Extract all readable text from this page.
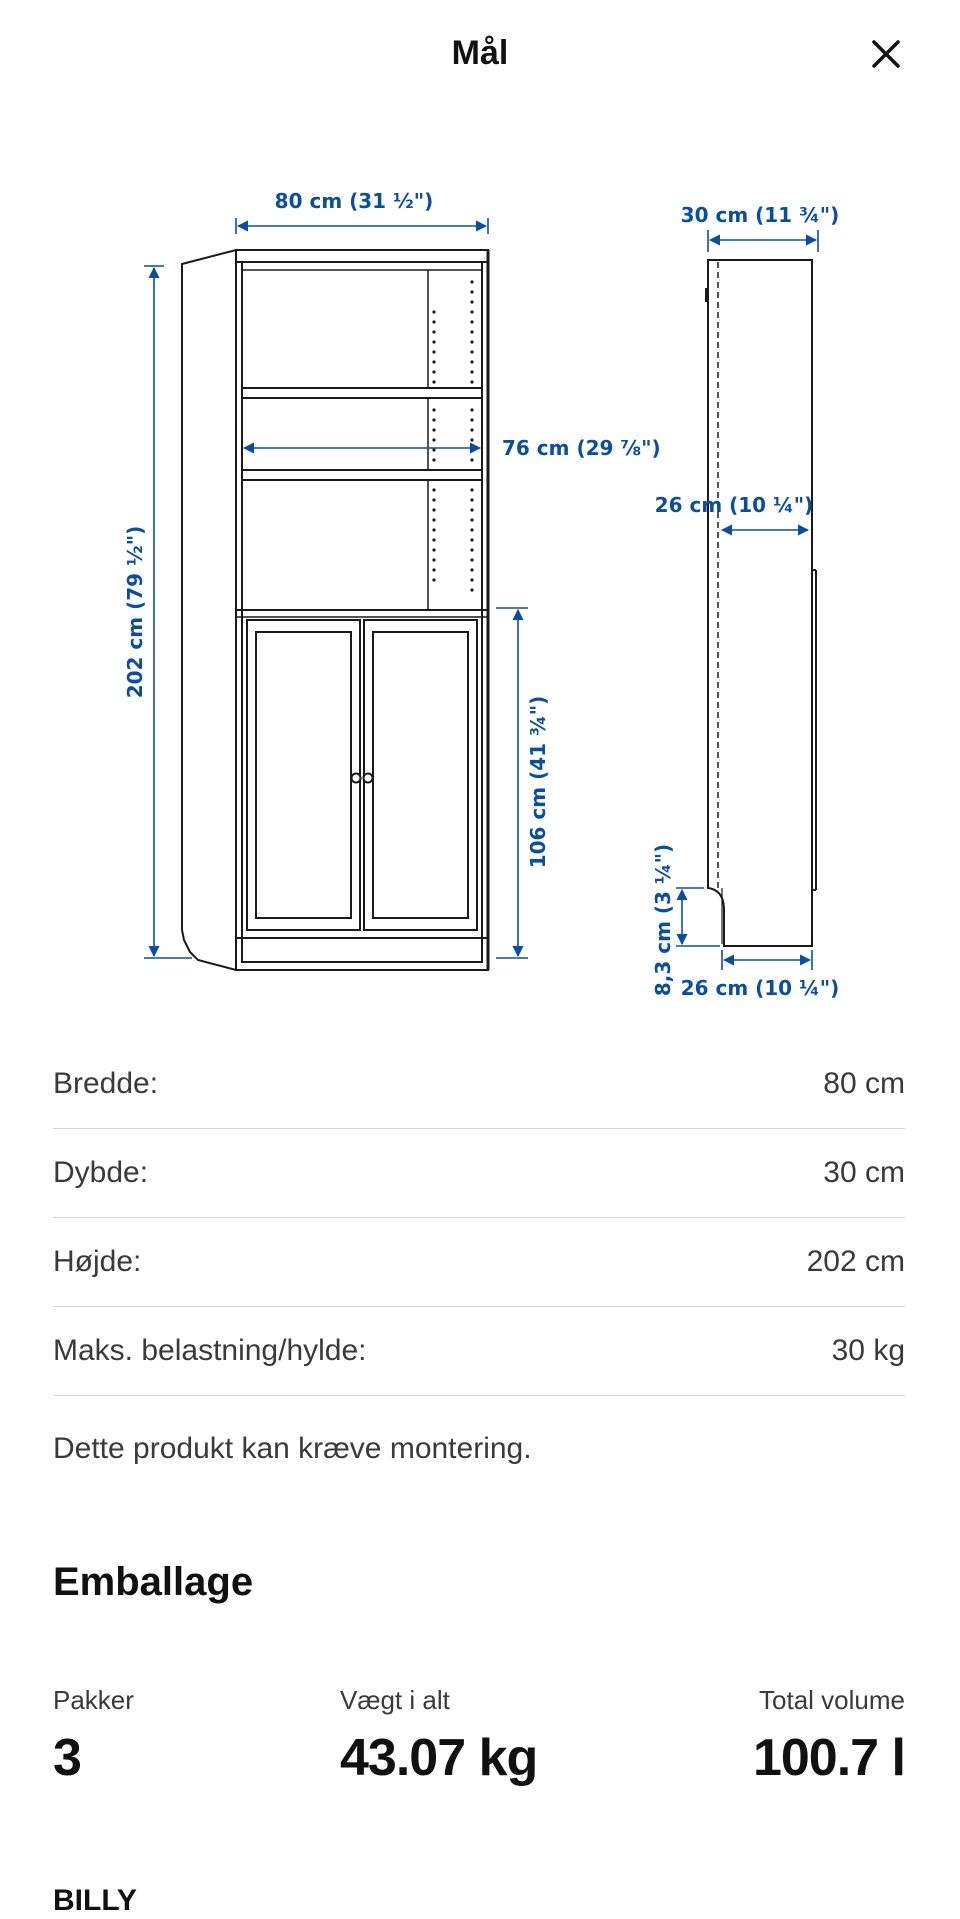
Mål
80 cm (31 ½")
202 cm (79 ½")
76 cm (29 ⅞")
106 cm (41 ¾")
30 cm (11 ¾")
26 cm (10 ¼")
8,3 cm (3 ¼") 26 cm (10 ¼")
Bredde:	80 cm
Dybde:	30 cm
Højde:	202 cm
Maks. belastning/hylde:	30 kg
Dette produkt kan kræve montering.
Emballage
Pakker
3
Vægt i alt
43.07 kg
Total volume
100.7 l
BILLY
